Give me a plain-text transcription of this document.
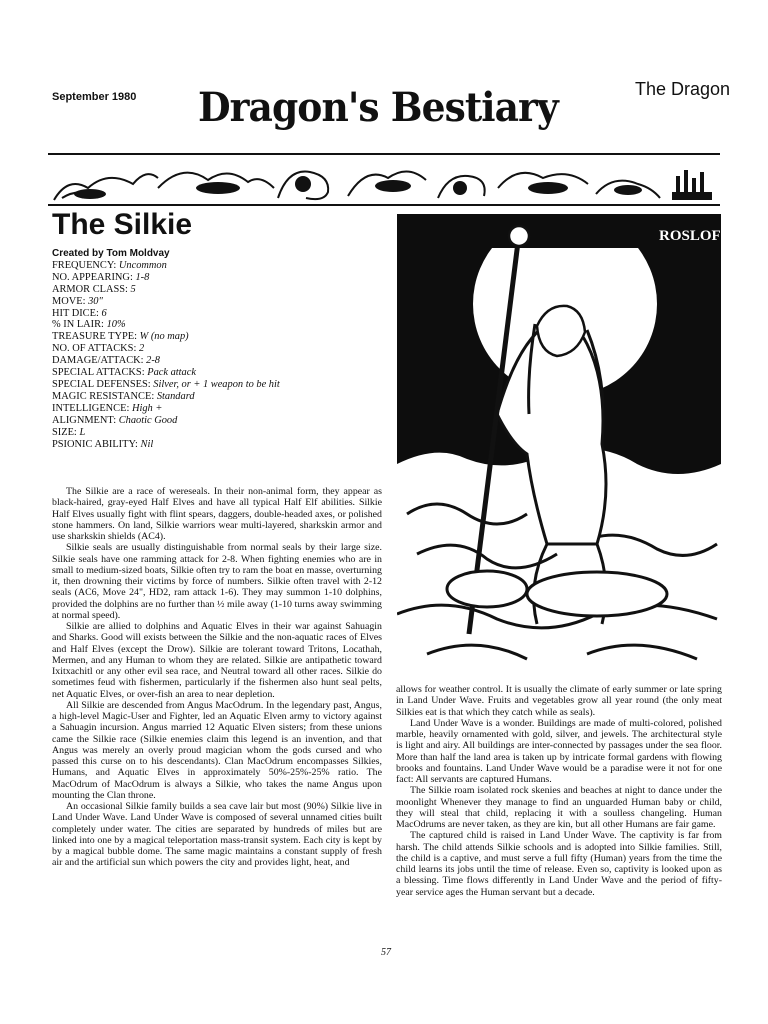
September 1980 Dragon's Bestiary	The Dragon
The Silkie
Created by Tom Moldvay
FREQUENCY: Uncommon
NO. APPEARING: 1-8
ARMOR CLASS: 5
MOVE: 30"
HIT DICE: 6
% IN LAIR: 10%
TREASURE TYPE: W (no map)
NO. OF ATTACKS: 2
DAMAGE/ATTACK: 2-8
SPECIAL ATTACKS: Pack attack
SPECIAL DEFENSES: Silver, or + 1 weapon to be hit
MAGIC RESISTANCE: Standard
INTELLIGENCE: High +
ALIGNMENT: Chaotic Good
SIZE: L
PSIONIC ABILITY: Nil

The Silkie are a race of wereseals. In their non-animal form, they appear as black-haired, gray-eyed Half Elves and have all typical Half Elf abilities. Silkie Half Elves usually fight with flint spears, daggers, double-headed axes, or polished stone hammers. On land, Silkie warriors wear multi-layered, sharkskin armor and use sharkskin shields (AC4).

Silkie seals are usually distinguishable from normal seals by their large size. Silkie seals have one ramming attack for 2-8. When fighting enemies who are in small to medium-sized boats, Silkie often try to ram the boat en masse, overturning it, then drowning their victims by force of numbers. Silkie often travel with 2-12 seals (AC6, Move 24", HD2, ram attack 1-6). They may summon 1-10 dolphins, provided the dolphins are no further than ½ mile away (1-10 turns away swimming at normal speed).

Silkie are allied to dolphins and Aquatic Elves in their war against Sahuagin and Sharks. Good will exists between the Silkie and the non-aquatic races of Elves and Half Elves (except the Drow). Silkie are tolerant toward Tritons, Locathah, Mermen, and any Human to whom they are related. Silkie are antipathetic toward Ixitxachitl or any other evil sea race, and Neutral toward all other races. Silkie do sometimes feud with fishermen, particularly if the fishermen also hunt seal pelts, net Aquatic Elves, or over-fish an area to near depletion.

All Silkie are descended from Angus MacOdrum. In the legendary past, Angus, a high-level Magic-User and Fighter, led an Aquatic Elven army to victory against a Sahuagin incursion. Angus married 12 Aquatic Elven sisters; from these unions came the Silkie race (Silkie enemies claim this legend is an invention, and that Angus was merely an overly proud magician whom the gods cursed and who passed this curse on to his descendants). Clan MacOdrum encompasses Silkies, Humans, and Aquatic Elves in approximately 50%-25%-25% ratio. The MacOdrum of MacOdrum is always a Silkie, who takes the name Angus upon mounting the Clan throne.

An occasional Silkie family builds a sea cave lair but most (90%) Silkie live in Land Under Wave. Land Under Wave is composed of several unnamed cities built completely under water. The cities are separated by hundreds of miles but are linked into one by a magical teleportation mass-transit system. Each city is kept by by a magical bubble dome. The same magic maintains a constant supply of fresh air and the artificial sun which powers the city and provides light, heat, and

ROSLOF

allows for weather control. It is usually the climate of early summer or late spring in Land Under Wave. Fruits and vegetables grow all year round (the only meat Silkies eat is that which they catch while as seals).

Land Under Wave is a wonder. Buildings are made of multi-colored, polished marble, heavily ornamented with gold, silver, and jewels. The architectural style is light and airy. All buildings are inter-connected by passages under the sea floor. More than half the land area is taken up by intricate formal gardens with flowing brooks and fountains. Land Under Wave would be a paradise were it not for one fact: All servants are captured Humans.

The Silkie roam isolated rock skenies and beaches at night to dance under the moonlight Whenever they manage to find an unguarded Human baby or child, they will steal that child, replacing it with a soulless changeling. Human MacOdrums are never taken, as they are kin, but all other Humans are fair game.

The captured child is raised in Land Under Wave. The captivity is far from harsh. The child attends Silkie schools and is adopted into Silkie families. Still, the child is a captive, and must serve a full fifty (Human) years from the time the child learns its jobs until the time of release. Even so, captivity is looked upon as a blessing. Time flows differently in Land Under Wave and the period of fifty-year service ages the Human servant but a decade.

57
